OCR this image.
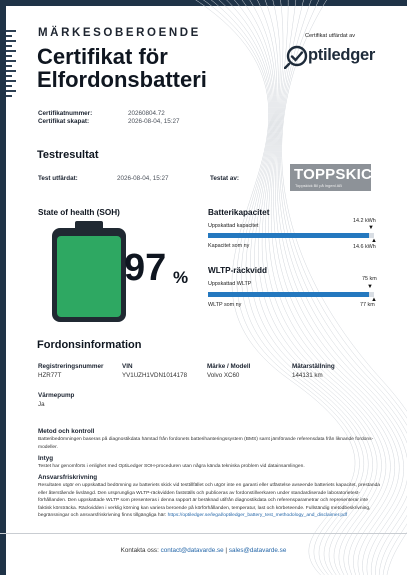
MÄRKESOBEROENDE
Certifikat för
Elfordonsbatteri
Certifikat utfärdat av
ptiledger
Certifikatnummer:	20260804.72
Certifikat skapat:	2026-08-04, 15:27
Testresultat
Test utfärdat:	2026-08-04, 15:27	Testat av:	TOPPSKICK
Toppskick Bil på Ingenl AB
State of health (SOH)
97 %
Batterikapacitet
Uppskattad kapacitet
14.2 kWh
▼
▲
Kapacitet som ny	14.6 kWh
WLTP-räckvidd
Uppskattad WLTP
75 km
▼
▲
WLTP som ny	77 km
Fordonsinformation
Registreringsnummer
HZR77T
VIN
YV1UZH1VDN1014178
Märke / Modell
Volvo XC60
Mätarställning
144131 km
Värmepump
Ja
Metod och kontroll
Batteribedömningen baseras på diagnostikdata hämtad från fordonets batterihanteringssystem (BMS) samt jämförande referensdata från liknande fordons-modeller.
Intyg
Testet har genomförts i enlighet med OptiLedger SOH-proceduren utan några kända tekniska problem vid datainsamlingen.
Ansvarsfriskrivning
Resultaten utgör en uppskattad bedömning av batteriets skick vid testtillfället och utgör inte en garanti eller utfästelse avseende batteriets kapacitet, prestanda eller återstående livslängd. Den ursprungliga WLTP-räckvidden fastställs och publiceras av fordonstillverkaren under standardiserade laboratorietest-förhållanden. Den uppskattade WLTP som presenteras i denna rapport är beräknad utifrån diagnostikdata och referensparametrar och representerar inte faktisk körsträcka. Räckvidden i verklig körning kan variera beroende på körförhållanden, temperatur, last och körbeteende. Fullständig metodbeskrivning, begränsningar och ansvarsfriskrivning finns tillgängliga här: https://optiledger.se/legal/optiledger_battery_test_methodology_and_disclaimer.pdf
Kontakta oss: contact@datavarde.se | sales@datavarde.se
